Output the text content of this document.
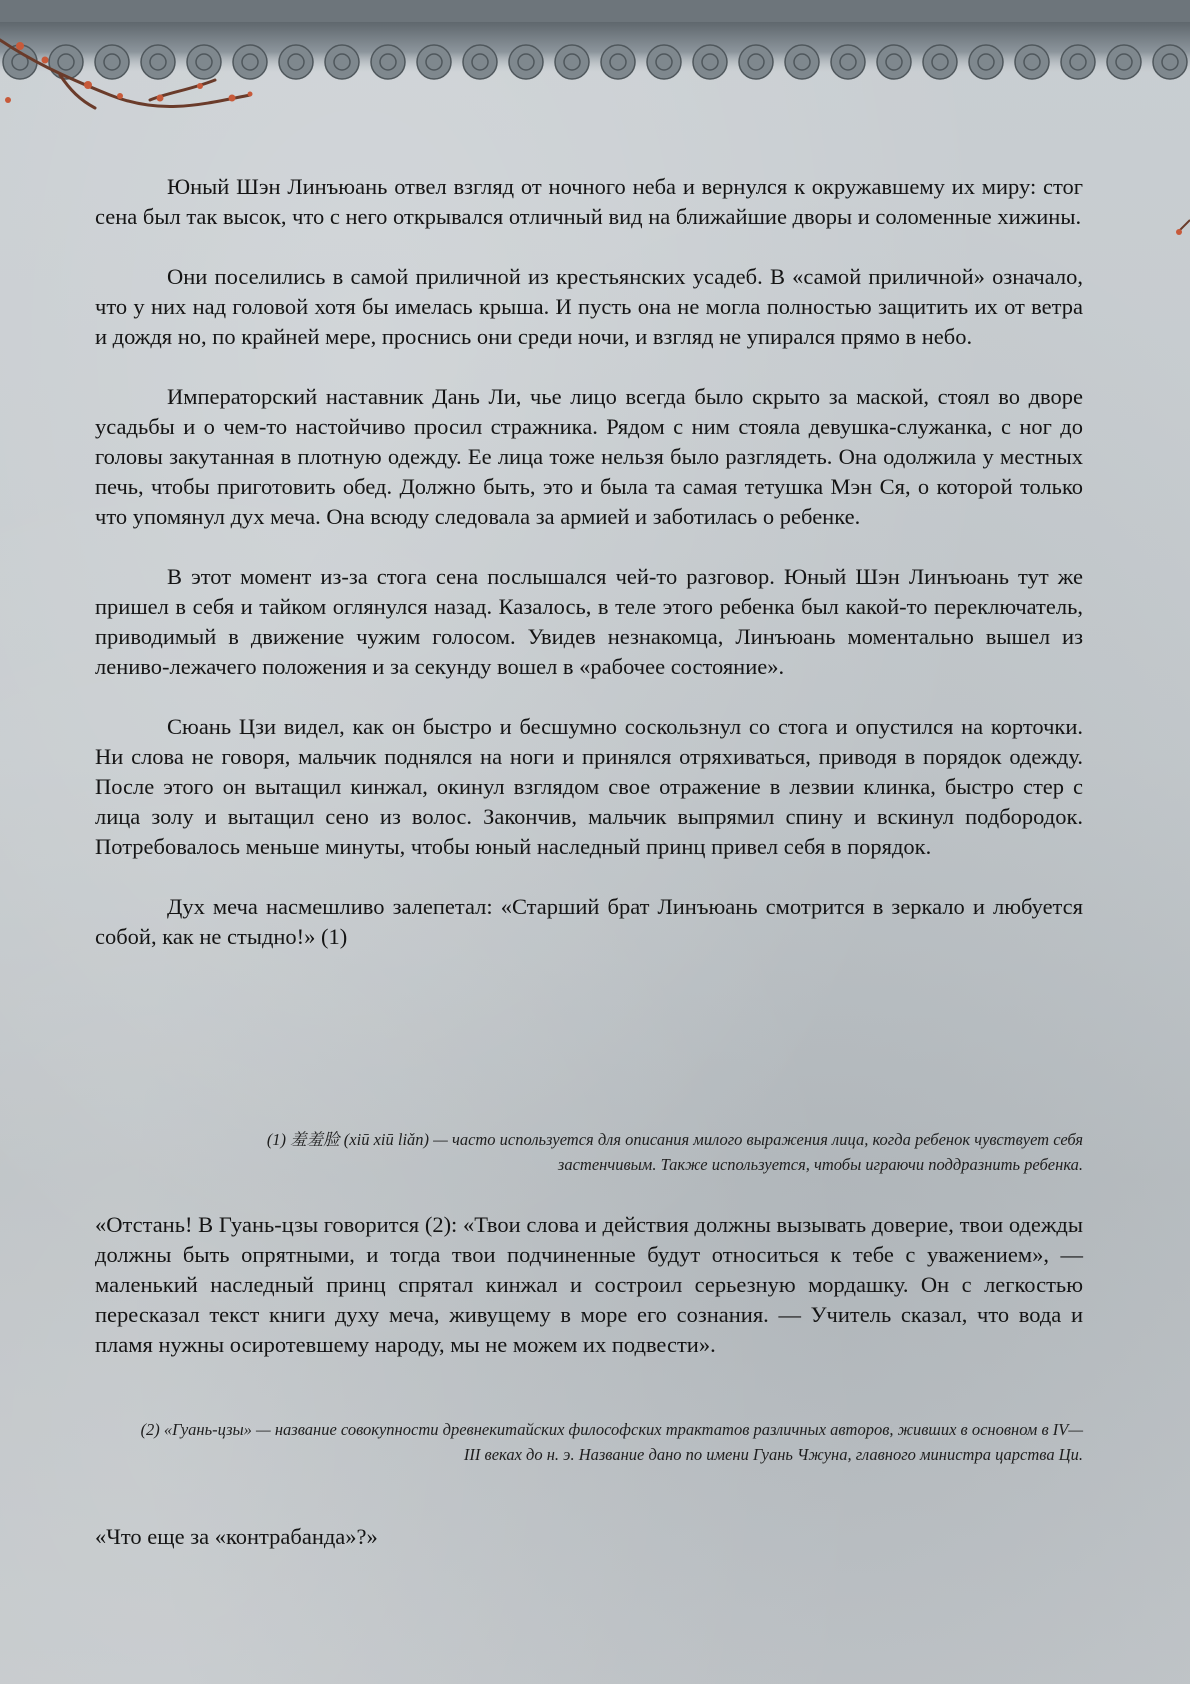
Юный Шэн Линъюань отвел взгляд от ночного неба и вернулся к окружавшему их миру: стог сена был так высок, что с него открывался отличный вид на ближайшие дворы и соломенные хижины.

Они поселились в самой приличной из крестьянских усадеб. В «самой приличной» означало, что у них над головой хотя бы имелась крыша. И пусть она не могла полностью защитить их от ветра и дождя но, по крайней мере, проснись они среди ночи, и взгляд не упирался прямо в небо.

Императорский наставник Дань Ли, чье лицо всегда было скрыто за маской, стоял во дворе усадьбы и о чем-то настойчиво просил стражника. Рядом с ним стояла девушка-служанка, с ног до головы закутанная в плотную одежду. Ее лица тоже нельзя было разглядеть. Она одолжила у местных печь, чтобы приготовить обед. Должно быть, это и была та самая тетушка Мэн Ся, о которой только что упомянул дух меча. Она всюду следовала за армией и заботилась о ребенке.

В этот момент из-за стога сена послышался чей-то разговор. Юный Шэн Линъюань тут же пришел в себя и тайком оглянулся назад. Казалось, в теле этого ребенка был какой-то переключатель, приводимый в движение чужим голосом. Увидев незнакомца, Линъюань моментально вышел из лениво-лежачего положения и за секунду вошел в «рабочее состояние».

Сюань Цзи видел, как он быстро и бесшумно соскользнул со стога и опустился на корточки. Ни слова не говоря, мальчик поднялся на ноги и принялся отряхиваться, приводя в порядок одежду. После этого он вытащил кинжал, окинул взглядом свое отражение в лезвии клинка, быстро стер с лица золу и вытащил сено из волос. Закончив, мальчик выпрямил спину и вскинул подбородок. Потребовалось меньше минуты, чтобы юный наследный принц привел себя в порядок.

Дух меча насмешливо залепетал: «Старший брат Линъюань смотрится в зеркало и любуется собой, как не стыдно!» (1)

(1) 羞羞脸 (xiū xiū liǎn) — часто используется для описания милого выражения лица, когда ребенок чувствует себя застенчивым. Также используется, чтобы играючи поддразнить ребенка.

«Отстань! В Гуань-цзы говорится (2): «Твои слова и действия должны вызывать доверие, твои одежды должны быть опрятными, и тогда твои подчиненные будут относиться к тебе с уважением», — маленький наследный принц спрятал кинжал и состроил серьезную мордашку. Он с легкостью пересказал текст книги духу меча, живущему в море его сознания. — Учитель сказал, что вода и пламя нужны осиротевшему народу, мы не можем их подвести».

(2) «Гуань-цзы» — название совокупности древнекитайских философских трактатов различных авторов, живших в основном в IV— III веках до н. э. Название дано по имени Гуань Чжуна, главного министра царства Ци.

«Что еще за «контрабанда»?»
